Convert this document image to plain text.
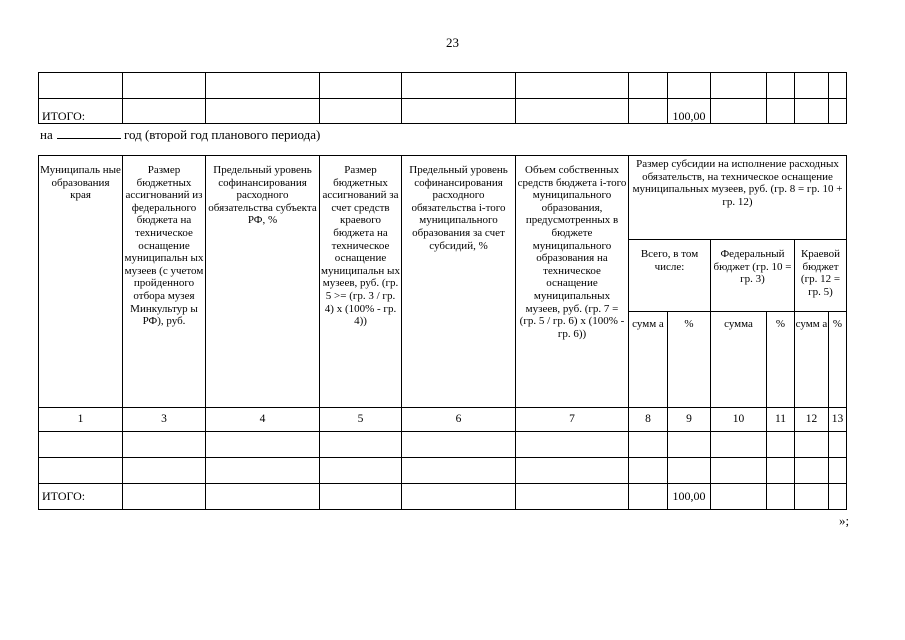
23

ИТОГО:							100,00				
на	год (второй год планового периода)
Муниципаль ные образования края	Размер бюджетных ассигнований из федерального бюджета на техническое оснащение муниципальн ых музеев (с учетом пройденного отбора музея Минкультур ы РФ), руб.	Предельный уровень софинансирования расходного обязательства субъекта РФ, %	Размер бюджетных ассигнований за счет средств краевого бюджета на техническое оснащение муниципальн ых музеев, руб. (гр. 5 >= (гр. 3 / гр. 4) х (100% - гр. 4))	Предельный уровень софинансирования расходного обязательства i-того муниципального образования за счет субсидий, %	Объем собственных средств бюджета i-того муниципального образования, предусмотренных в бюджете муниципального образования на техническое оснащение муниципальных музеев, руб. (гр. 7 = (гр. 5 / гр. 6) х (100% - гр. 6))	Размер субсидии на исполнение расходных обязательств, на техническое оснащение муниципальных музеев, руб. (гр. 8 = гр. 10 + гр. 12)					
						Всего, в том числе:		Федеральный бюджет (гр. 10 = гр. 3)		Краевой бюджет (гр. 12 = гр. 5)	
						сумм а	%	сумма	%	сумм а	%
1	3	4	5	6	7	8	9	10	11	12	13

ИТОГО:							100,00				
»;
